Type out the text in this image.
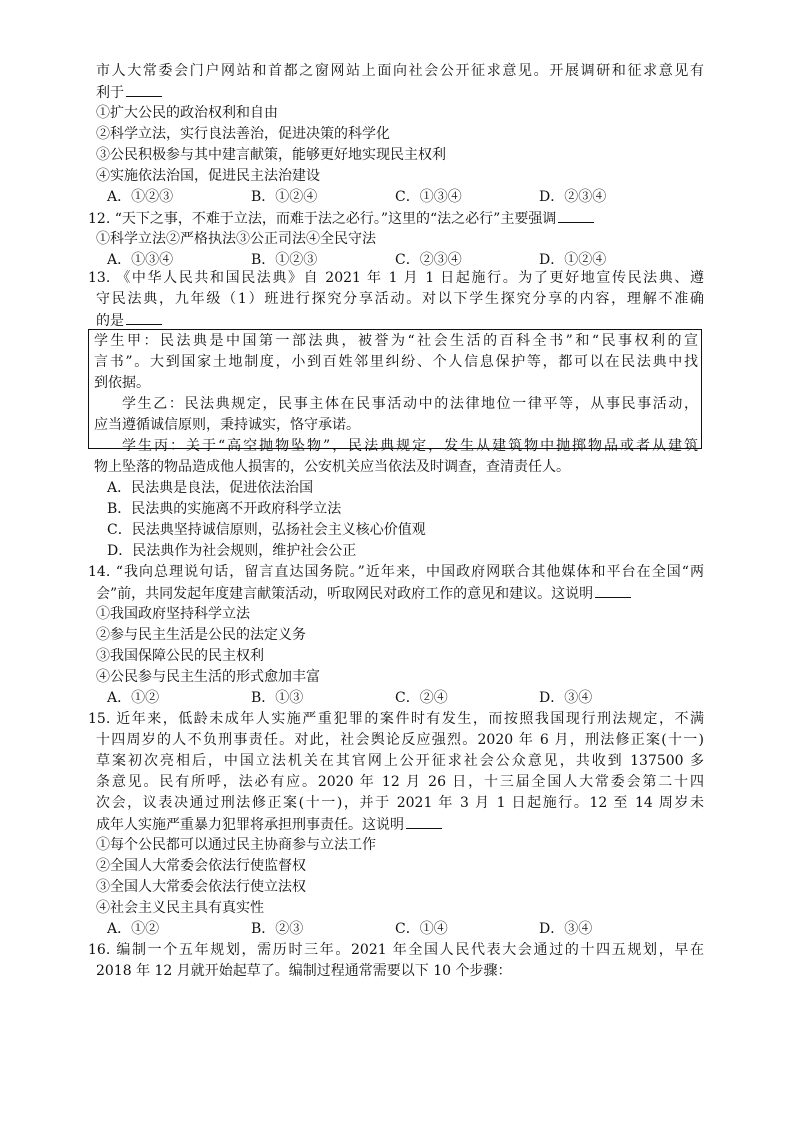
市人大常委会门户网站和首都之窗网站上面向社会公开征求意见。开展调研和征求意见有
利于
①扩大公民的政治权利和自由
②科学立法，实行良法善治，促进决策的科学化
③公民积极参与其中建言献策，能够更好地实现民主权利
④实施依法治国，促进民主法治建设
A．①②③	B．①②④	C．①③④	D．②③④
12. “天下之事，不难于立法，而难于法之必行。”这里的“法之必行”主要强调
①科学立法②严格执法③公正司法④全民守法
A．①③④	B．①②③	C．②③④	D．①②④
13. 《中华人民共和国民法典》自 2021 年 1 月 1 日起施行。为了更好地宣传民法典、遵
守民法典，九年级（1）班进行探究分享活动。对以下学生探究分享的内容，理解不准确
的是
学生甲：民法典是中国第一部法典，被誉为“社会生活的百科全书”和“民事权利的宣
言书”。大到国家土地制度，小到百姓邻里纠纷、个人信息保护等，都可以在民法典中找
到依据。
学生乙：民法典规定，民事主体在民事活动中的法律地位一律平等，从事民事活动，
应当遵循诚信原则，秉持诚实，恪守承诺。
学生丙：关于“高空抛物坠物”，民法典规定，发生从建筑物中抛掷物品或者从建筑
物上坠落的物品造成他人损害的，公安机关应当依法及时调查，查清责任人。
A．民法典是良法，促进依法治国
B．民法典的实施离不开政府科学立法
C．民法典坚持诚信原则，弘扬社会主义核心价值观
D．民法典作为社会规则，维护社会公正
14. “我向总理说句话，留言直达国务院。”近年来，中国政府网联合其他媒体和平台在全国“两
会”前，共同发起年度建言献策活动，听取网民对政府工作的意见和建议。这说明
①我国政府坚持科学立法
②参与民主生活是公民的法定义务
③我国保障公民的民主权利
④公民参与民主生活的形式愈加丰富
A．①②	B．①③	C．②④	D．③④
15. 近年来，低龄未成年人实施严重犯罪的案件时有发生，而按照我国现行刑法规定，不满
十四周岁的人不负刑事责任。对此，社会舆论反应强烈。2020 年 6 月，刑法修正案(十一)
草案初次亮相后，中国立法机关在其官网上公开征求社会公众意见，共收到 137500 多
条意见。民有所呼，法必有应。2020 年 12 月 26 日，十三届全国人大常委会第二十四
次会，议表决通过刑法修正案(十一)，并于 2021 年 3 月 1 日起施行。12 至 14 周岁未
成年人实施严重暴力犯罪将承担刑事责任。这说明
①每个公民都可以通过民主协商参与立法工作
②全国人大常委会依法行使监督权
③全国人大常委会依法行使立法权
④社会主义民主具有真实性
A．①②	B．②③	C．①④	D．③④
16. 编制一个五年规划，需历时三年。2021 年全国人民代表大会通过的十四五规划，早在
2018 年 12 月就开始起草了。编制过程通常需要以下 10 个步骤：
